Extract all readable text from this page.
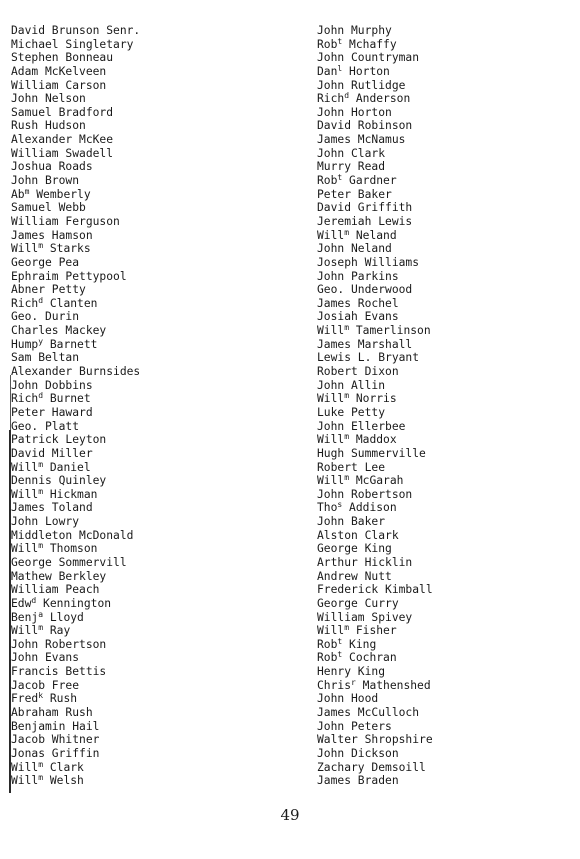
David Brunson Senr.
Michael Singletary
Stephen Bonneau
Adam McKelveen
William Carson
John Nelson
Samuel Bradford
Rush Hudson
Alexander McKee
William Swadell
Joshua Roads
John Brown
Ab$^m$ Wemberly
Samuel Webb
William Ferguson
James Hamson
Will$^m$ Starks
George Pea
Ephraim Pettypool
Abner Petty
Rich$^d$ Clanten
Geo. Durin
Charles Mackey
Hump$^y$ Barnett
Sam Beltan
Alexander Burnsides
John Dobbins
Rich$^d$ Burnet
Peter Haward
Geo. Platt
Patrick Leyton
David Miller
Will$^m$ Daniel
Dennis Quinley
Will$^m$ Hickman
James Toland
John Lowry
Middleton McDonald
Will$^m$ Thomson
George Sommervill
Mathew Berkley
William Peach
Edw$^d$ Kennington
Benj$^a$ Lloyd
Will$^m$ Ray
John Robertson
John Evans
Francis Bettis
Jacob Free
Fred$^k$ Rush
Abraham Rush
Benjamin Hail
Jacob Whitner
Jonas Griffin
Will$^m$ Clark
Will$^m$ Welsh
John Murphy
Rob$^t$ Mchaffy
John Countryman
Dan$^l$ Horton
John Rutlidge
Rich$^d$ Anderson
John Horton
David Robinson
James McNamus
John Clark
Murry Read
Rob$^t$ Gardner
Peter Baker
David Griffith
Jeremiah Lewis
Will$^m$ Neland
John Neland
Joseph Williams
John Parkins
Geo. Underwood
James Rochel
Josiah Evans
Will$^m$ Tamerlinson
James Marshall
Lewis L. Bryant
Robert Dixon
John Allin
Will$^m$ Norris
Luke Petty
John Ellerbee
Will$^m$ Maddox
Hugh Summerville
Robert Lee
Will$^m$ McGarah
John Robertson
Tho$^s$ Addison
John Baker
Alston Clark
George King
Arthur Hicklin
Andrew Nutt
Frederick Kimball
George Curry
William Spivey
Will$^m$ Fisher
Rob$^t$ King
Rob$^t$ Cochran
Henry King
Chris$^r$ Mathenshed
John Hood
James McCulloch
John Peters
Walter Shropshire
John Dickson
Zachary Demsoill
James Braden
49
